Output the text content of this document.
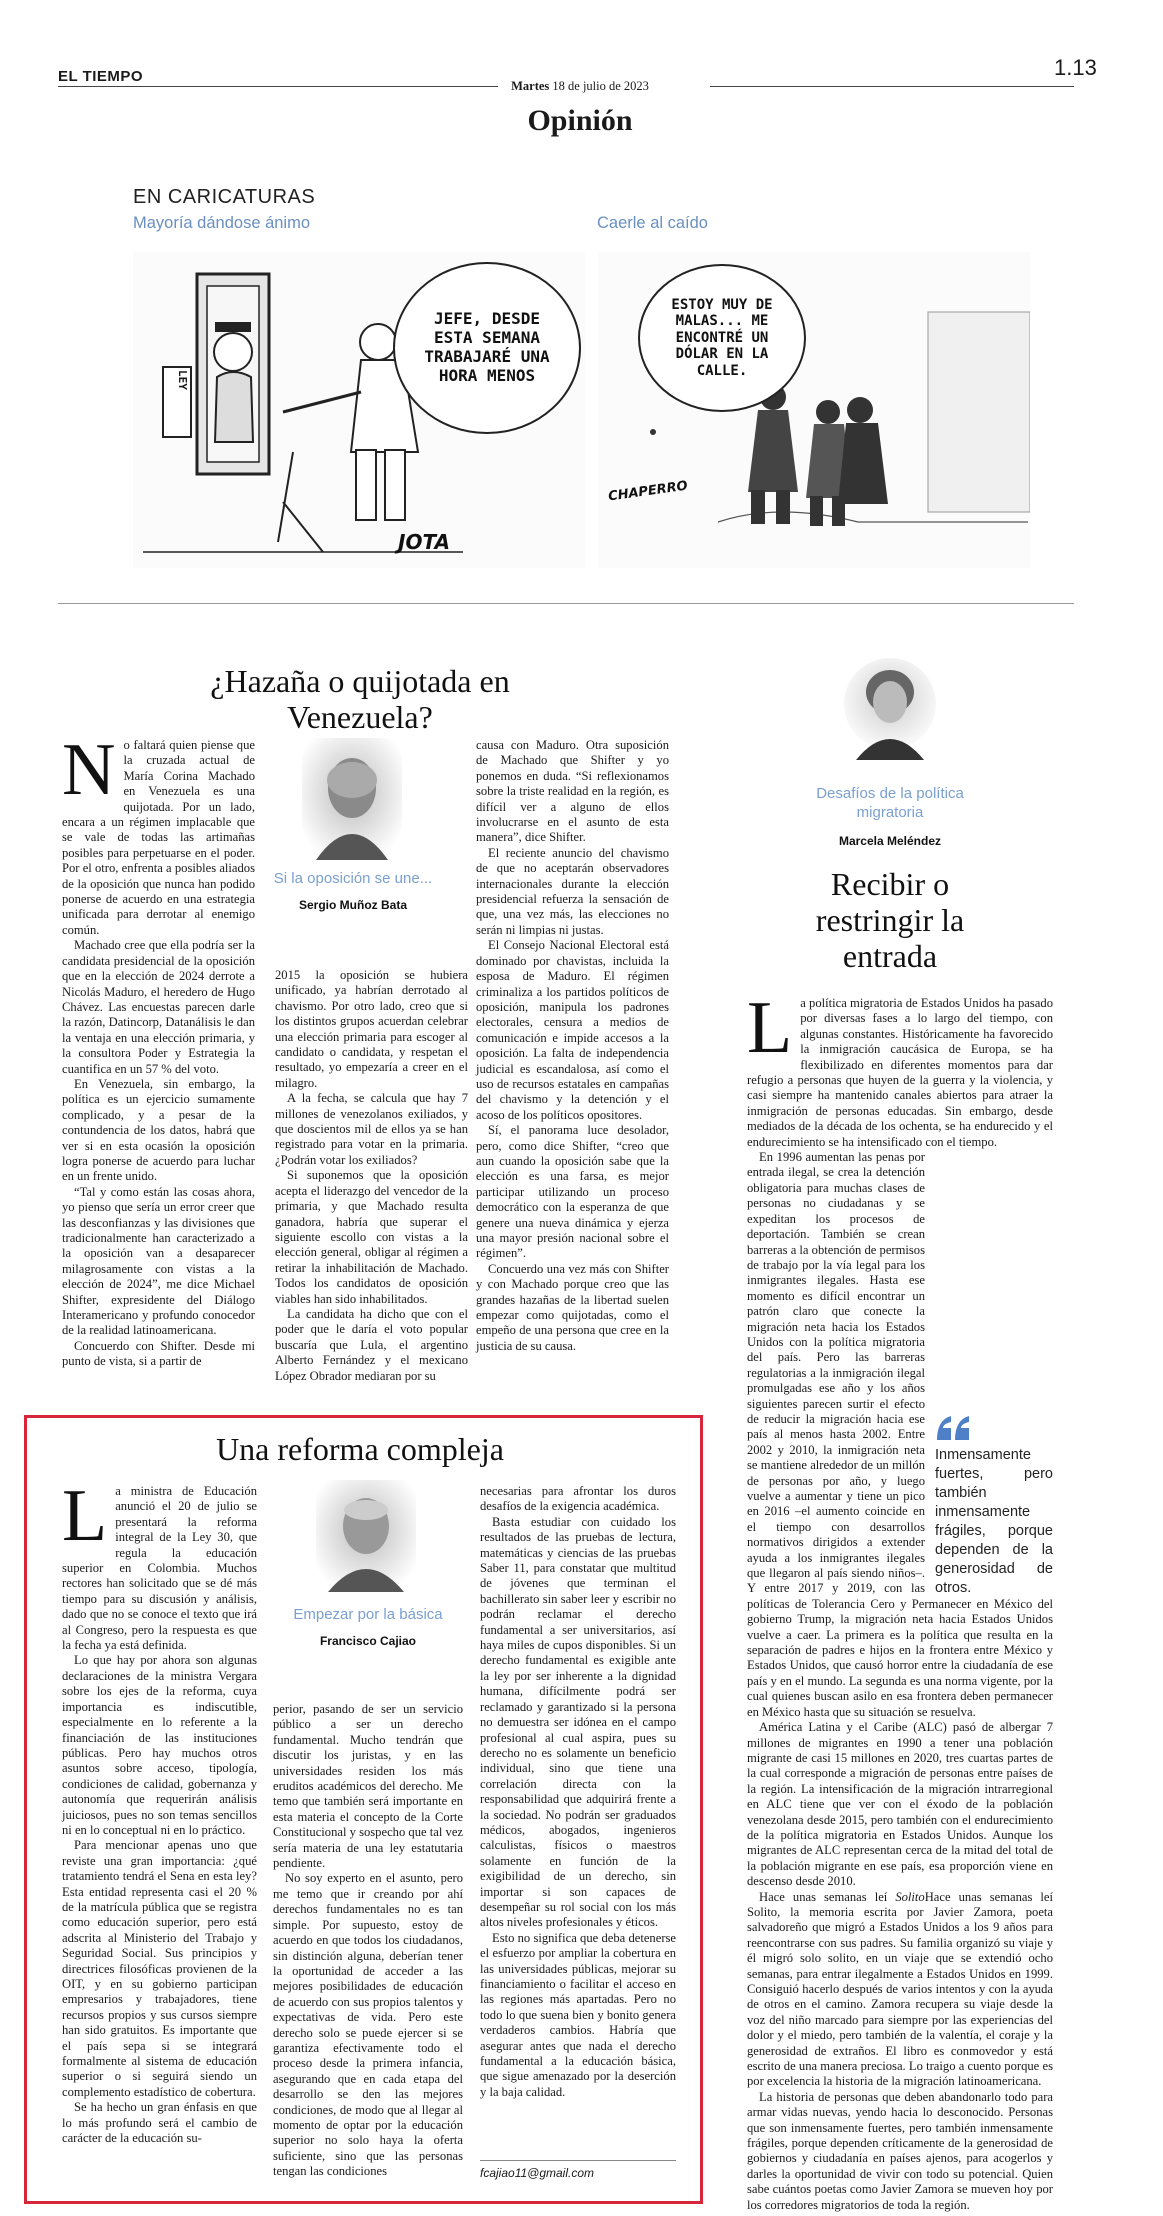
EL TIEMPO
Martes 18 de julio de 2023
1.13
Opinión
EN CARICATURAS
Mayoría dándose ánimo	Caerle al caído
LEY
JEFE, DESDE ESTA SEMANA TRABAJARÉ UNA HORA MENOS
JOTA
ESTOY MUY DE MALAS... ME ENCONTRÉ UN DÓLAR EN LA CALLE.
CHAPERRO
¿Hazaña o quijotada en Venezuela?

No faltará quien piense que la cruzada actual de María Corina Machado en Venezuela es una quijotada. Por un lado, encara a un régimen implacable que se vale de todas las artimañas posibles para perpetuarse en el poder. Por el otro, enfrenta a posibles aliados de la oposición que nunca han podido ponerse de acuerdo en una estrategia unificada para derrotar al enemigo común.

Machado cree que ella podría ser la candidata presidencial de la oposición que en la elección de 2024 derrote a Nicolás Maduro, el heredero de Hugo Chávez. Las encuestas parecen darle la razón, Datincorp, Datanálisis le dan la ventaja en una elección primaria, y la consultora Poder y Estrategia la cuantifica en un 57 % del voto.

En Venezuela, sin embargo, la política es un ejercicio sumamente complicado, y a pesar de la contundencia de los datos, habrá que ver si en esta ocasión la oposición logra ponerse de acuerdo para luchar en un frente unido.

“Tal y como están las cosas ahora, yo pienso que sería un error creer que las desconfianzas y las divisiones que tradicionalmente han caracterizado a la oposición van a desaparecer milagrosamente con vistas a la elección de 2024”, me dice Michael Shifter, expresidente del Diálogo Interamericano y profundo conocedor de la realidad latinoamericana.

Concuerdo con Shifter. Desde mi punto de vista, si a partir de

Si la oposición se une...
Sergio Muñoz Bata

2015 la oposición se hubiera unificado, ya habrían derrotado al chavismo. Por otro lado, creo que si los distintos grupos acuerdan celebrar una elección primaria para escoger al candidato o candidata, y respetan el resultado, yo empezaría a creer en el milagro.

A la fecha, se calcula que hay 7 millones de venezolanos exiliados, y que doscientos mil de ellos ya se han registrado para votar en la primaria. ¿Podrán votar los exiliados?

Si suponemos que la oposición acepta el liderazgo del vencedor de la primaria, y que Machado resulta ganadora, habría que superar el siguiente escollo con vistas a la elección general, obligar al régimen a retirar la inhabilitación de Machado. Todos los candidatos de oposición viables han sido inhabilitados.

La candidata ha dicho que con el poder que le daría el voto popular buscaría que Lula, el argentino Alberto Fernández y el mexicano López Obrador mediaran por su

causa con Maduro. Otra suposición de Machado que Shifter y yo ponemos en duda. “Si reflexionamos sobre la triste realidad en la región, es difícil ver a alguno de ellos involucrarse en el asunto de esta manera”, dice Shifter.

El reciente anuncio del chavismo de que no aceptarán observadores internacionales durante la elección presidencial refuerza la sensación de que, una vez más, las elecciones no serán ni limpias ni justas.

El Consejo Nacional Electoral está dominado por chavistas, incluida la esposa de Maduro. El régimen criminaliza a los partidos políticos de oposición, manipula los padrones electorales, censura a medios de comunicación e impide accesos a la oposición. La falta de independencia judicial es escandalosa, así como el uso de recursos estatales en campañas del chavismo y la detención y el acoso de los políticos opositores.

Sí, el panorama luce desolador, pero, como dice Shifter, “creo que aun cuando la oposición sabe que la elección es una farsa, es mejor participar utilizando un proceso democrático con la esperanza de que genere una nueva dinámica y ejerza una mayor presión nacional sobre el régimen”.

Concuerdo una vez más con Shifter y con Machado porque creo que las grandes hazañas de la libertad suelen empezar como quijotadas, como el empeño de una persona que cree en la justicia de su causa.

Desafíos de la política migratoria
Marcela Meléndez
Recibir o restringir la entrada

La política migratoria de Estados Unidos ha pasado por diversas fases a lo largo del tiempo, con algunas constantes. Históricamente ha favorecido la inmigración caucásica de Europa, se ha flexibilizado en diferentes momentos para dar refugio a personas que huyen de la guerra y la violencia, y casi siempre ha mantenido canales abiertos para atraer la inmigración de personas educadas. Sin embargo, desde mediados de la década de los ochenta, se ha endurecido y el endurecimiento se ha intensificado con el tiempo.

Inmensamente fuertes, pero también inmensamente frágiles, porque dependen de la generosidad de otros.

En 1996 aumentan las penas por entrada ilegal, se crea la detención obligatoria para muchas clases de personas no ciudadanas y se expeditan los procesos de deportación. También se crean barreras a la obtención de permisos de trabajo por la vía legal para los inmigrantes ilegales. Hasta ese momento es difícil encontrar un patrón claro que conecte la migración neta hacia los Estados Unidos con la política migratoria del país. Pero las barreras regulatorias a la inmigración ilegal promulgadas ese año y los años siguientes parecen surtir el efecto de reducir la migración hacia ese país al menos hasta 2002. Entre 2002 y 2010, la inmigración neta se mantiene alrededor de un millón de personas por año, y luego vuelve a aumentar y tiene un pico en 2016 –el aumento coincide en el tiempo con desarrollos normativos dirigidos a extender ayuda a los inmigrantes ilegales que llegaron al país siendo niños–. Y entre 2017 y 2019, con las políticas de Tolerancia Cero y Permanecer en México del gobierno Trump, la migración neta hacia Estados Unidos vuelve a caer. La primera es la política que resulta en la separación de padres e hijos en la frontera entre México y Estados Unidos, que causó horror entre la ciudadanía de ese país y en el mundo. La segunda es una norma vigente, por la cual quienes buscan asilo en esa frontera deben permanecer en México hasta que su situación se resuelva.

América Latina y el Caribe (ALC) pasó de albergar 7 millones de migrantes en 1990 a tener una población migrante de casi 15 millones en 2020, tres cuartas partes de la cual corresponde a migración de personas entre países de la región. La intensificación de la migración intrarregional en ALC tiene que ver con el éxodo de la población venezolana desde 2015, pero también con el endurecimiento de la política migratoria en Estados Unidos. Aunque los migrantes de ALC representan cerca de la mitad del total de la población migrante en ese país, esa proporción viene en descenso desde 2010.

Hace unas semanas leí SolitoHace unas semanas leí Solito, la memoria escrita por Javier Zamora, poeta salvadoreño que migró a Estados Unidos a los 9 años para reencontrarse con sus padres. Su familia organizó su viaje y él migró solo solito, en un viaje que se extendió ocho semanas, para entrar ilegalmente a Estados Unidos en 1999. Consiguió hacerlo después de varios intentos y con la ayuda de otros en el camino. Zamora recupera su viaje desde la voz del niño marcado para siempre por las experiencias del dolor y el miedo, pero también de la valentía, el coraje y la generosidad de extraños. El libro es conmovedor y está escrito de una manera preciosa. Lo traigo a cuento porque es por excelencia la historia de la migración latinoamericana.

La historia de personas que deben abandonarlo todo para armar vidas nuevas, yendo hacia lo desconocido. Personas que son inmensamente fuertes, pero también inmensamente frágiles, porque dependen críticamente de la generosidad de gobiernos y ciudadanía en países ajenos, para acogerlos y darles la oportunidad de vivir con todo su potencial. Quien sabe cuántos poetas como Javier Zamora se mueven hoy por los corredores migratorios de toda la región.

Una reforma compleja

La ministra de Educación anunció el 20 de julio se presentará la reforma integral de la Ley 30, que regula la educación superior en Colombia. Muchos rectores han solicitado que se dé más tiempo para su discusión y análisis, dado que no se conoce el texto que irá al Congreso, pero la respuesta es que la fecha ya está definida.

Lo que hay por ahora son algunas declaraciones de la ministra Vergara sobre los ejes de la reforma, cuya importancia es indiscutible, especialmente en lo referente a la financiación de las instituciones públicas. Pero hay muchos otros asuntos sobre acceso, tipología, condiciones de calidad, gobernanza y autonomía que requerirán análisis juiciosos, pues no son temas sencillos ni en lo conceptual ni en lo práctico.

Para mencionar apenas uno que reviste una gran importancia: ¿qué tratamiento tendrá el Sena en esta ley? Esta entidad representa casi el 20 % de la matrícula pública que se registra como educación superior, pero está adscrita al Ministerio del Trabajo y Seguridad Social. Sus principios y directrices filosóficas provienen de la OIT, y en su gobierno participan empresarios y trabajadores, tiene recursos propios y sus cursos siempre han sido gratuitos. Es importante que el país sepa si se integrará formalmente al sistema de educación superior o si seguirá siendo un complemento estadístico de cobertura.

Se ha hecho un gran énfasis en que lo más profundo será el cambio de carácter de la educación su-

Empezar por la básica
Francisco Cajiao

perior, pasando de ser un servicio público a ser un derecho fundamental. Mucho tendrán que discutir los juristas, y en las universidades residen los más eruditos académicos del derecho. Me temo que también será importante en esta materia el concepto de la Corte Constitucional y sospecho que tal vez sería materia de una ley estatutaria pendiente.

No soy experto en el asunto, pero me temo que ir creando por ahí derechos fundamentales no es tan simple. Por supuesto, estoy de acuerdo en que todos los ciudadanos, sin distinción alguna, deberían tener la oportunidad de acceder a las mejores posibilidades de educación de acuerdo con sus propios talentos y expectativas de vida. Pero este derecho solo se puede ejercer si se garantiza efectivamente todo el proceso desde la primera infancia, asegurando que en cada etapa del desarrollo se den las mejores condiciones, de modo que al llegar al momento de optar por la educación superior no solo haya la oferta suficiente, sino que las personas tengan las condiciones

necesarias para afrontar los duros desafíos de la exigencia académica.

Basta estudiar con cuidado los resultados de las pruebas de lectura, matemáticas y ciencias de las pruebas Saber 11, para constatar que multitud de jóvenes que terminan el bachillerato sin saber leer y escribir no podrán reclamar el derecho fundamental a ser universitarios, así haya miles de cupos disponibles. Si un derecho fundamental es exigible ante la ley por ser inherente a la dignidad humana, difícilmente podrá ser reclamado y garantizado si la persona no demuestra ser idónea en el campo profesional al cual aspira, pues su derecho no es solamente un beneficio individual, sino que tiene una correlación directa con la responsabilidad que adquirirá frente a la sociedad. No podrán ser graduados médicos, abogados, ingenieros calculistas, físicos o maestros solamente en función de la exigibilidad de un derecho, sin importar si son capaces de desempeñar su rol social con los más altos niveles profesionales y éticos.

Esto no significa que deba detenerse el esfuerzo por ampliar la cobertura en las universidades públicas, mejorar su financiamiento o facilitar el acceso en las regiones más apartadas. Pero no todo lo que suena bien y bonito genera verdaderos cambios. Habría que asegurar antes que nada el derecho fundamental a la educación básica, que sigue amenazado por la deserción y la baja calidad.

fcajiao11@gmail.com
